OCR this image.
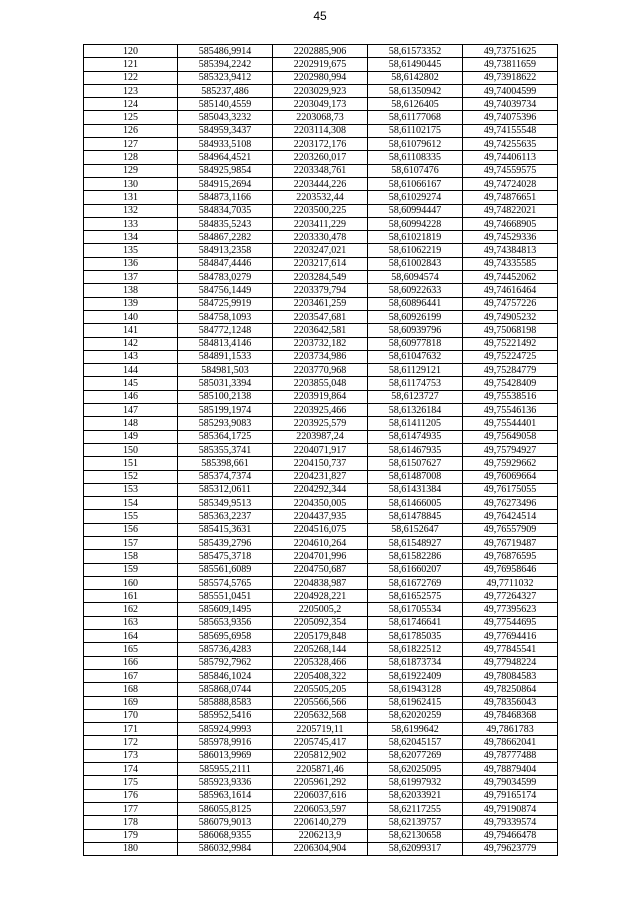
45
120	585486,9914	2202885,906	58,61573352	49,73751625
121	585394,2242	2202919,675	58,61490445	49,73811659
122	585323,9412	2202980,994	58,6142802	49,73918622
123	585237,486	2203029,923	58,61350942	49,74004599
124	585140,4559	2203049,173	58,6126405	49,74039734
125	585043,3232	2203068,73	58,61177068	49,74075396
126	584959,3437	2203114,308	58,61102175	49,74155548
127	584933,5108	2203172,176	58,61079612	49,74255635
128	584964,4521	2203260,017	58,61108335	49,74406113
129	584925,9854	2203348,761	58,6107476	49,74559575
130	584915,2694	2203444,226	58,61066167	49,74724028
131	584873,1166	2203532,44	58,61029274	49,74876651
132	584834,7035	2203500,225	58,60994447	49,74822021
133	584835,5243	2203411,229	58,60994228	49,74668905
134	584867,2282	2203330,478	58,61021819	49,74529336
135	584913,2358	2203247,021	58,61062219	49,74384813
136	584847,4446	2203217,614	58,61002843	49,74335585
137	584783,0279	2203284,549	58,6094574	49,74452062
138	584756,1449	2203379,794	58,60922633	49,74616464
139	584725,9919	2203461,259	58,60896441	49,74757226
140	584758,1093	2203547,681	58,60926199	49,74905232
141	584772,1248	2203642,581	58,60939796	49,75068198
142	584813,4146	2203732,182	58,60977818	49,75221492
143	584891,1533	2203734,986	58,61047632	49,75224725
144	584981,503	2203770,968	58,61129121	49,75284779
145	585031,3394	2203855,048	58,61174753	49,75428409
146	585100,2138	2203919,864	58,6123727	49,75538516
147	585199,1974	2203925,466	58,61326184	49,75546136
148	585293,9083	2203925,579	58,61411205	49,75544401
149	585364,1725	2203987,24	58,61474935	49,75649058
150	585355,3741	2204071,917	58,61467935	49,75794927
151	585398,661	2204150,737	58,61507627	49,75929662
152	585374,7374	2204231,827	58,61487008	49,76069664
153	585312,0611	2204292,344	58,61431384	49,76175055
154	585349,9513	2204350,005	58,61466005	49,76273496
155	585363,2237	2204437,935	58,61478845	49,76424514
156	585415,3631	2204516,075	58,6152647	49,76557909
157	585439,2796	2204610,264	58,61548927	49,76719487
158	585475,3718	2204701,996	58,61582286	49,76876595
159	585561,6089	2204750,687	58,61660207	49,76958646
160	585574,5765	2204838,987	58,61672769	49,7711032
161	585551,0451	2204928,221	58,61652575	49,77264327
162	585609,1495	2205005,2	58,61705534	49,77395623
163	585653,9356	2205092,354	58,61746641	49,77544695
164	585695,6958	2205179,848	58,61785035	49,77694416
165	585736,4283	2205268,144	58,61822512	49,77845541
166	585792,7962	2205328,466	58,61873734	49,77948224
167	585846,1024	2205408,322	58,61922409	49,78084583
168	585868,0744	2205505,205	58,61943128	49,78250864
169	585888,8583	2205566,566	58,61962415	49,78356043
170	585952,5416	2205632,568	58,62020259	49,78468368
171	585924,9993	2205719,11	58,6199642	49,7861783
172	585978,9916	2205745,417	58,62045157	49,78662041
173	586013,9969	2205812,902	58,62077269	49,78777488
174	585955,2111	2205871,46	58,62025095	49,78879404
175	585923,9336	2205961,292	58,61997932	49,79034599
176	585963,1614	2206037,616	58,62033921	49,79165174
177	586055,8125	2206053,597	58,62117255	49,79190874
178	586079,9013	2206140,279	58,62139757	49,79339574
179	586068,9355	2206213,9	58,62130658	49,79466478
180	586032,9984	2206304,904	58,62099317	49,79623779
